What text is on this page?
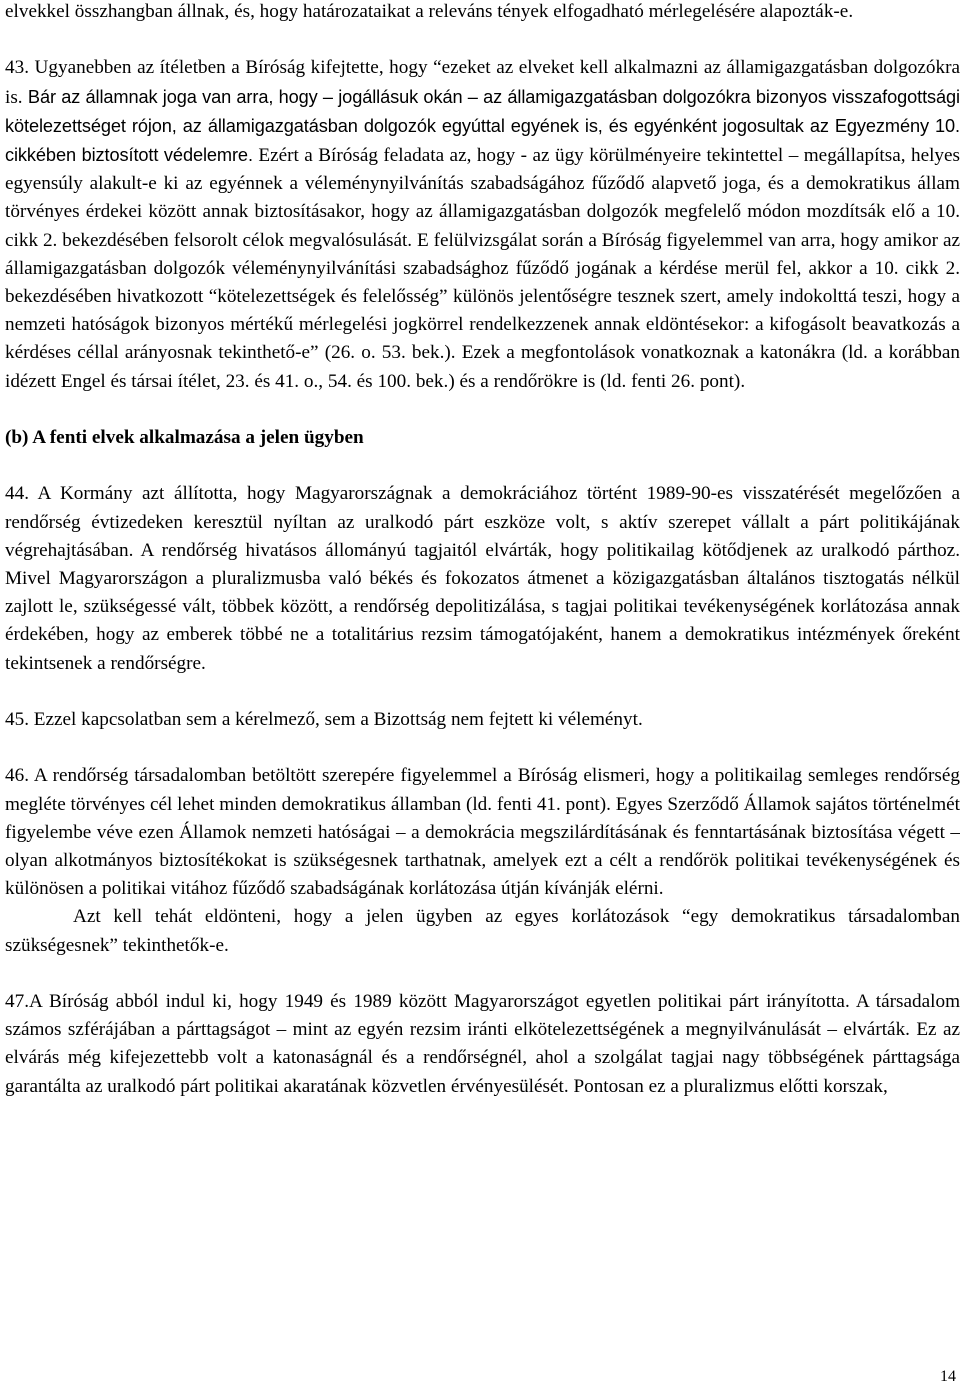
elvekkel összhangban állnak, és, hogy határozataikat a releváns tények elfogadható mérlegelésére alapozták-e.

43. Ugyanebben az ítéletben a Bíróság kifejtette, hogy “ezeket az elveket kell alkalmazni az államigazgatásban dolgozókra is. Bár az államnak joga van arra, hogy – jogállásuk okán – az államigazgatásban dolgozókra bizonyos visszafogottsági kötelezettséget rójon, az államigazgatásban dolgozók egyúttal egyének is, és egyénként jogosultak az Egyezmény 10. cikkében biztosított védelemre. Ezért a Bíróság feladata az, hogy - az ügy körülményeire tekintettel – megállapítsa, helyes egyensúly alakult-e ki az egyénnek a véleménynyilvánítás szabadságához fűződő alapvető joga, és a demokratikus állam törvényes érdekei között annak biztosításakor, hogy az államigazgatásban dolgozók megfelelő módon mozdítsák elő a 10. cikk 2. bekezdésében felsorolt célok megvalósulását. E felülvizsgálat során a Bíróság figyelemmel van arra, hogy amikor az államigazgatásban dolgozók véleménynyilvánítási szabadsághoz fűződő jogának a kérdése merül fel, akkor a 10. cikk 2. bekezdésében hivatkozott “kötelezettségek és felelősség” különös jelentőségre tesznek szert, amely indokolttá teszi, hogy a nemzeti hatóságok bizonyos mértékű mérlegelési jogkörrel rendelkezzenek annak eldöntésekor: a kifogásolt beavatkozás a kérdéses céllal arányosnak tekinthető-e” (26. o. 53. bek.). Ezek a megfontolások vonatkoznak a katonákra (ld. a korábban idézett Engel és társai ítélet, 23. és 41. o., 54. és 100. bek.) és a rendőrökre is (ld. fenti 26. pont).

(b) A fenti elvek alkalmazása a jelen ügyben

44. A Kormány azt állította, hogy Magyarországnak a demokráciához történt 1989-90-es visszatérését megelőzően a rendőrség évtizedeken keresztül nyíltan az uralkodó párt eszköze volt, s aktív szerepet vállalt a párt politikájának végrehajtásában. A rendőrség hivatásos állományú tagjaitól elvárták, hogy politikailag kötődjenek az uralkodó párthoz. Mivel Magyarországon a pluralizmusba való békés és fokozatos átmenet a közigazgatásban általános tisztogatás nélkül zajlott le, szükségessé vált, többek között, a rendőrség depolitizálása, s tagjai politikai tevékenységének korlátozása annak érdekében, hogy az emberek többé ne a totalitárius rezsim támogatójaként, hanem a demokratikus intézmények őreként tekintsenek a rendőrségre.

45. Ezzel kapcsolatban sem a kérelmező, sem a Bizottság nem fejtett ki véleményt.

46. A rendőrség társadalomban betöltött szerepére figyelemmel a Bíróság elismeri, hogy a politikailag semleges rendőrség megléte törvényes cél lehet minden demokratikus államban (ld. fenti 41. pont). Egyes Szerződő Államok sajátos történelmét figyelembe véve ezen Államok nemzeti hatóságai – a demokrácia megszilárdításának és fenntartásának biztosítása végett – olyan alkotmányos biztosítékokat is szükségesnek tarthatnak, amelyek ezt a célt a rendőrök politikai tevékenységének és különösen a politikai vitához fűződő szabadságának korlátozása útján kívánják elérni.

Azt kell tehát eldönteni, hogy a jelen ügyben az egyes korlátozások “egy demokratikus társadalomban szükségesnek” tekinthetők-e.

47.A Bíróság abból indul ki, hogy 1949 és 1989 között Magyarországot egyetlen politikai párt irányította. A társadalom számos szférájában a párttagságot – mint az egyén rezsim iránti elkötelezettségének a megnyilvánulását – elvárták. Ez az elvárás még kifejezettebb volt a katonaságnál és a rendőrségnél, ahol a szolgálat tagjai nagy többségének párttagsága garantálta az uralkodó párt politikai akaratának közvetlen érvényesülését. Pontosan ez a pluralizmus előtti korszak,

14
